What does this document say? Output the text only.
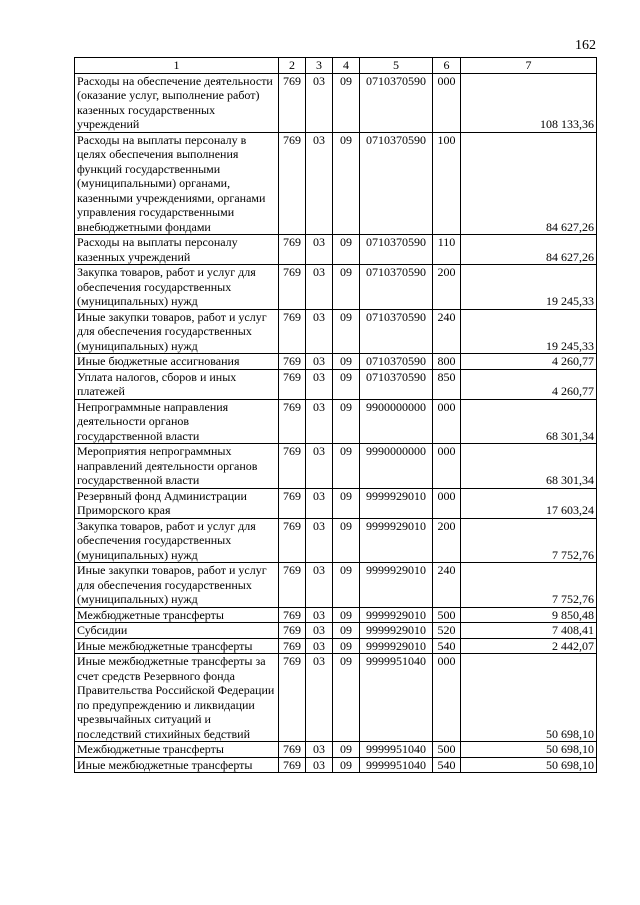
162
1	2	3	4	5	6	7
Расходы на обеспечение деятельности (оказание услуг, выполнение работ) казенных государственных учреждений	769	03	09	0710370590	000	108 133,36
Расходы на выплаты персоналу в целях обеспечения выполнения функций государственными (муниципальными) органами, казенными учреждениями, органами управления государственными внебюджетными фондами	769	03	09	0710370590	100	84 627,26
Расходы на выплаты персоналу казенных учреждений	769	03	09	0710370590	110	84 627,26
Закупка товаров, работ и услуг для обеспечения государственных (муниципальных) нужд	769	03	09	0710370590	200	19 245,33
Иные закупки товаров, работ и услуг для обеспечения государственных (муниципальных) нужд	769	03	09	0710370590	240	19 245,33
Иные бюджетные ассигнования	769	03	09	0710370590	800	4 260,77
Уплата налогов, сборов и иных платежей	769	03	09	0710370590	850	4 260,77
Непрограммные направления деятельности органов государственной власти	769	03	09	9900000000	000	68 301,34
Мероприятия непрограммных направлений деятельности органов государственной власти	769	03	09	9990000000	000	68 301,34
Резервный фонд Администрации Приморского края	769	03	09	9999929010	000	17 603,24
Закупка товаров, работ и услуг для обеспечения государственных (муниципальных) нужд	769	03	09	9999929010	200	7 752,76
Иные закупки товаров, работ и услуг для обеспечения государственных (муниципальных) нужд	769	03	09	9999929010	240	7 752,76
Межбюджетные трансферты	769	03	09	9999929010	500	9 850,48
Субсидии	769	03	09	9999929010	520	7 408,41
Иные межбюджетные трансферты	769	03	09	9999929010	540	2 442,07
Иные межбюджетные трансферты за счет средств Резервного фонда Правительства Российской Федерации по предупреждению и ликвидации чрезвычайных ситуаций и последствий стихийных бедствий	769	03	09	9999951040	000	50 698,10
Межбюджетные трансферты	769	03	09	9999951040	500	50 698,10
Иные межбюджетные трансферты	769	03	09	9999951040	540	50 698,10
